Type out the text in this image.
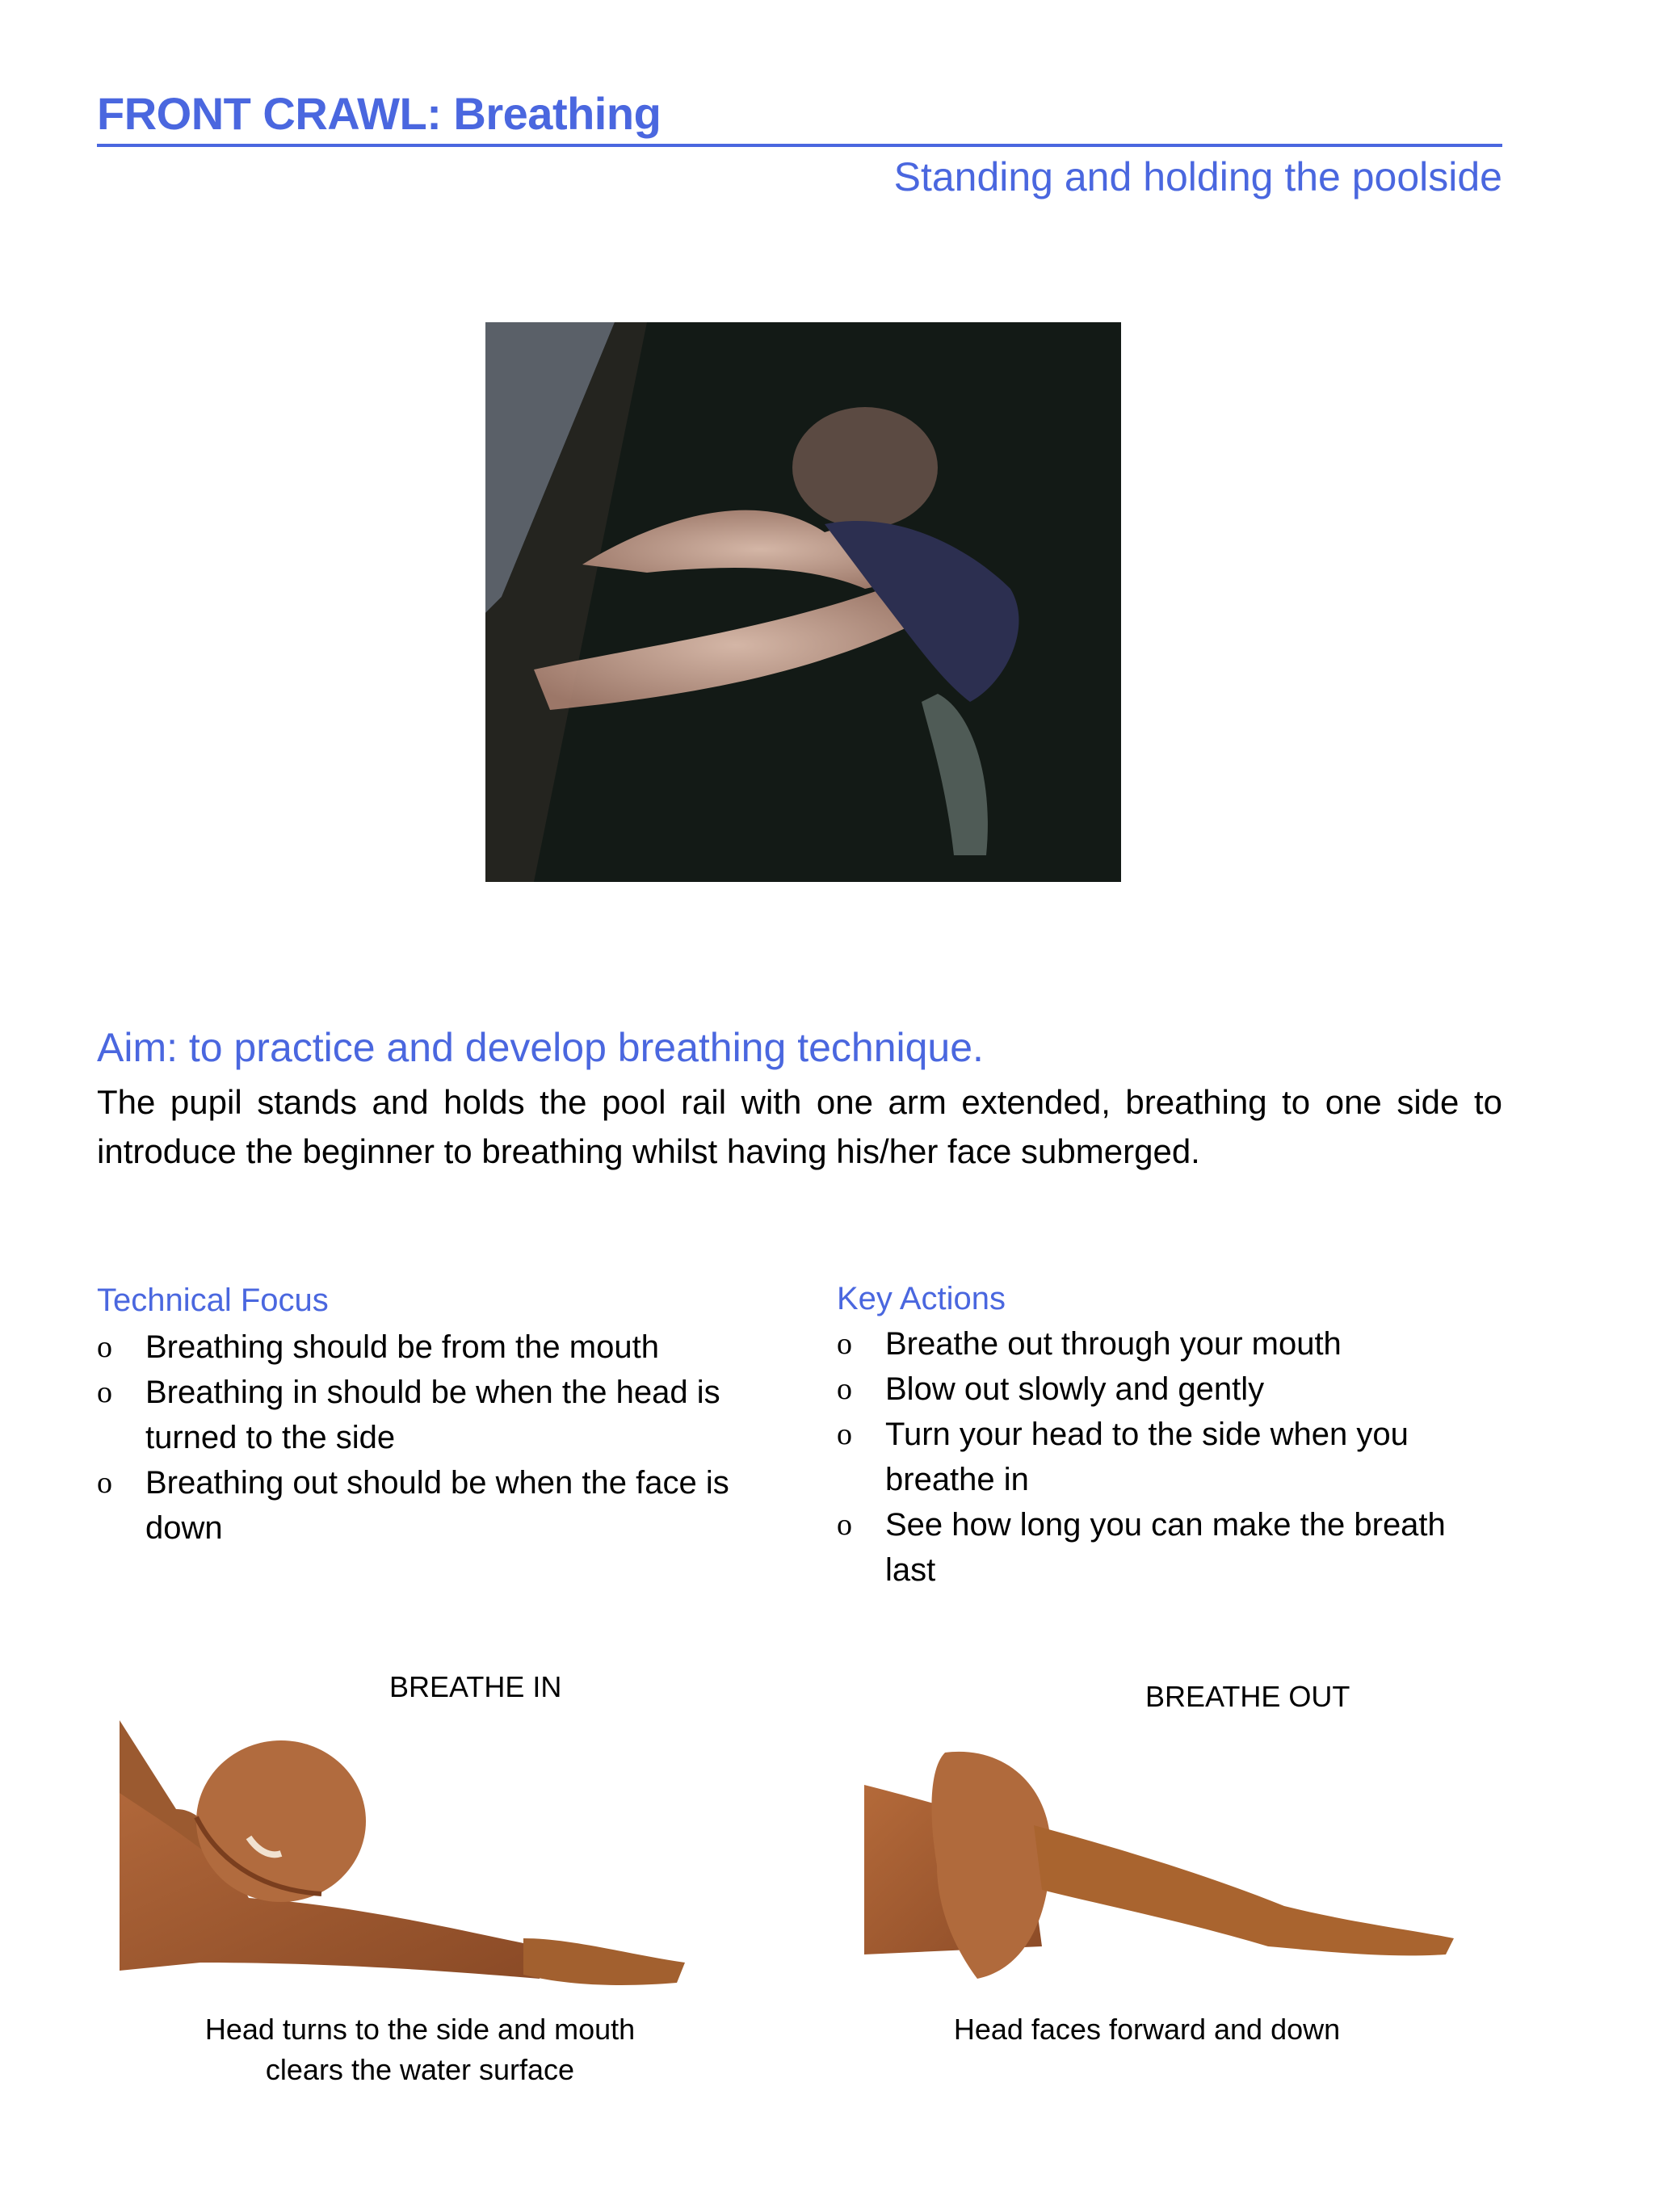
FRONT CRAWL: Breathing
Standing and holding the poolside
Aim: to practice and develop breathing technique.
The pupil stands and holds the pool rail with one arm extended, breathing to one side to introduce the beginner to breathing whilst having his/her face submerged.
Technical Focus
o Breathing should be from the mouth
o Breathing in should be when the head is turned to the side
o Breathing out should be when the face is down
Key Actions
o Breathe out through your mouth
o Blow out slowly and gently
o Turn your head to the side when you breathe in
o See how long you can make the breath last
BREATHE IN	BREATHE OUT
Head turns to the side and mouth
clears the water surface
Head faces forward and down
